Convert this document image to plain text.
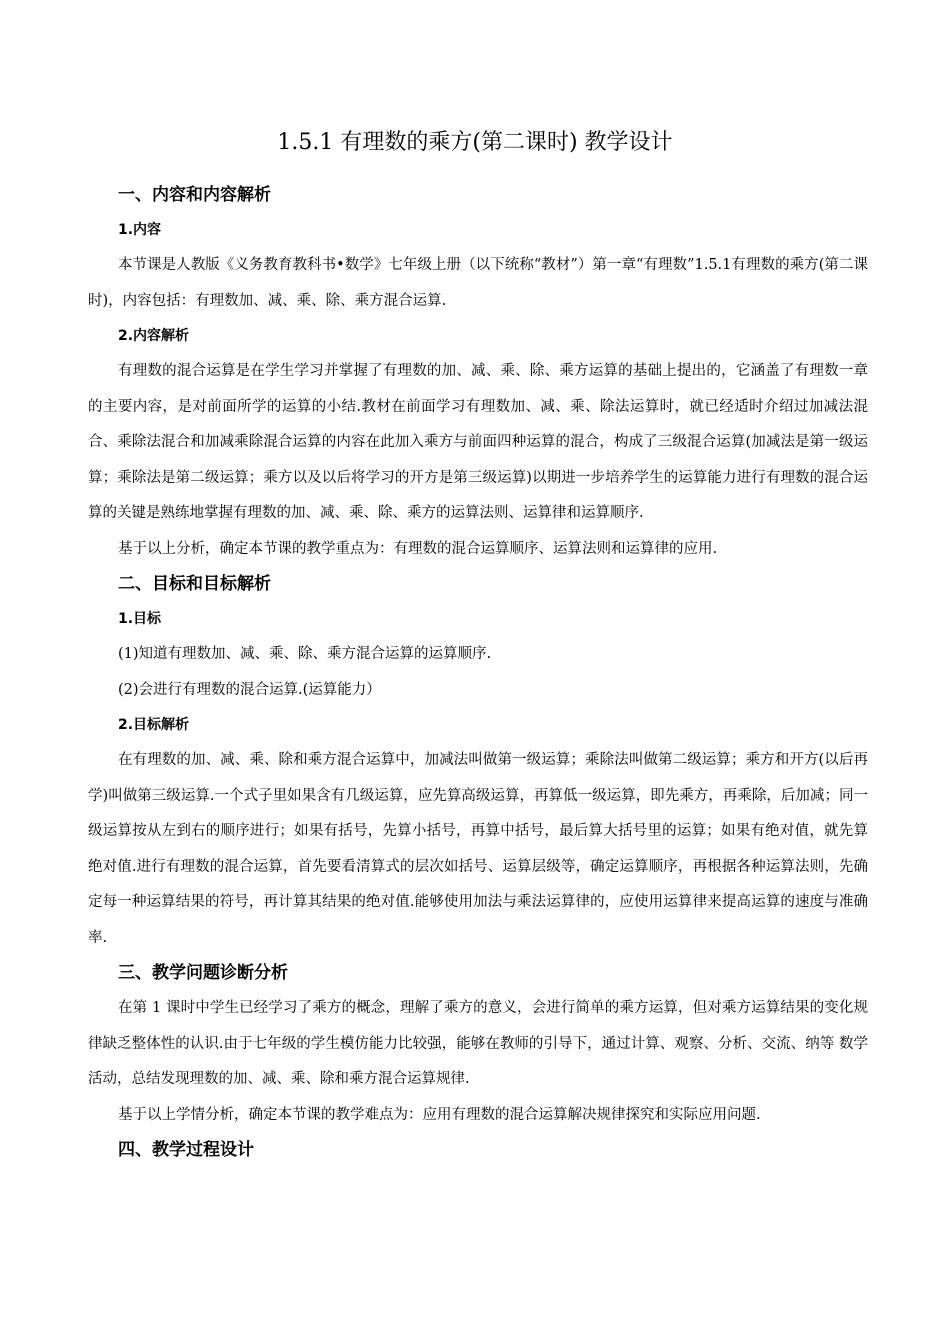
1.5.1 有理数的乘方(第二课时) 教学设计
一、内容和内容解析
1.内容

本节课是人教版《义务教育教科书•数学》七年级上册（以下统称“教材”）第一章“有理数”1.5.1有理数的乘方(第二课时)，内容包括：有理数加、减、乘、除、乘方混合运算.

2.内容解析

有理数的混合运算是在学生学习并掌握了有理数的加、减、乘、除、乘方运算的基础上提出的，它涵盖了有理数一章的主要内容，是对前面所学的运算的小结.教材在前面学习有理数加、减、乘、除法运算时，就已经适时介绍过加减法混合、乘除法混合和加减乘除混合运算的内容在此加入乘方与前面四种运算的混合，构成了三级混合运算(加减法是第一级运算；乘除法是第二级运算；乘方以及以后将学习的开方是第三级运算)以期进一步培养学生的运算能力进行有理数的混合运算的关键是熟练地掌握有理数的加、减、乘、除、乘方的运算法则、运算律和运算顺序.

基于以上分析，确定本节课的教学重点为：有理数的混合运算顺序、运算法则和运算律的应用.

二、目标和目标解析
1.目标

(1)知道有理数加、减、乘、除、乘方混合运算的运算顺序.

(2)会进行有理数的混合运算.(运算能力）

2.目标解析

在有理数的加、减、乘、除和乘方混合运算中，加减法叫做第一级运算；乘除法叫做第二级运算；乘方和开方(以后再学)叫做第三级运算.一个式子里如果含有几级运算，应先算高级运算，再算低一级运算，即先乘方，再乘除，后加减；同一级运算按从左到右的顺序进行；如果有括号，先算小括号，再算中括号，最后算大括号里的运算；如果有绝对值，就先算绝对值.进行有理数的混合运算，首先要看清算式的层次如括号、运算层级等，确定运算顺序，再根据各种运算法则，先确定每一种运算结果的符号，再计算其结果的绝对值.能够使用加法与乘法运算律的，应使用运算律来提高运算的速度与准确率.

三、教学问题诊断分析

在第 1 课时中学生已经学习了乘方的概念，理解了乘方的意义，会进行简单的乘方运算，但对乘方运算结果的变化规律缺乏整体性的认识.由于七年级的学生模仿能力比较强，能够在教师的引导下，通过计算、观察、分析、交流、纳等 数学活动，总结发现理数的加、减、乘、除和乘方混合运算规律.

基于以上学情分析，确定本节课的教学难点为：应用有理数的混合运算解决规律探究和实际应用问题.

四、教学过程设计
